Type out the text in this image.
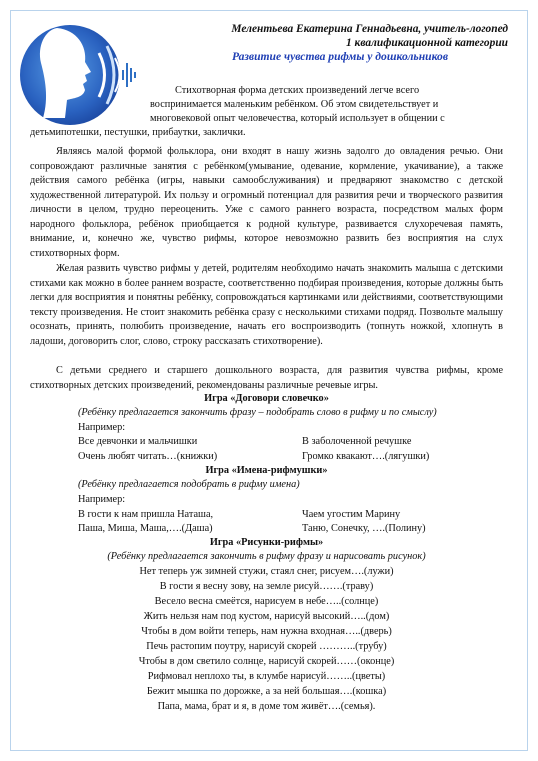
Мелентьева Екатерина Геннадьевна, учитель-логопед
1 квалификационной категории
Развитие чувства рифмы у дошкольников
Стихотворная форма детских произведений легче всего
воспринимается маленьким ребёнком. Об этом свидетельствует и
многовековой опыт человечества, который использует в общении с
детьмипотешки, пестушки, прибаутки, заклички.
Являясь малой формой фольклора, они входят в нашу жизнь задолго до овладения речью. Они сопровождают различные занятия с ребёнком(умывание, одевание, кормление, укачивание), а также действия самого ребёнка (игры, навыки самообслуживания) и предваряют знакомство с детской художественной литературой. Их пользу и огромный потенциал для развития речи и творческого развития личности в целом, трудно переоценить. Уже с самого раннего возраста, посредством малых форм народного фольклора, ребёнок приобщается к родной культуре, развивается слухоречевая память, внимание, и, конечно же, чувство рифмы, которое невозможно развить без восприятия на слух стихотворных форм.
Желая развить чувство рифмы у детей, родителям необходимо начать знакомить малыша с детскими стихами как можно в более раннем возрасте, соответственно подбирая произведения, которые должны быть легки для восприятия и понятны ребёнку, сопровождаться картинками или действиями, соответствующими тексту произведения. Не стоит знакомить ребёнка сразу с несколькими стихами подряд. Позвольте малышу осознать, принять, полюбить произведение, начать его воспроизводить (топнуть ножкой, хлопнуть в ладоши, договорить слог, слово, строку рассказать стихотворение).
С детьми среднего и старшего дошкольного возраста, для развития чувства рифмы, кроме стихотворных детских произведений, рекомендованы различные речевые игры.
Игра «Договори словечко»
(Ребёнку предлагается закончить фразу – подобрать слово в рифму и по смыслу)
Например:
Все девчонки и мальчишки
Очень любят читать…(книжки)
В заболоченной речушке
Громко квакают….(лягушки)
Игра «Имена-рифмушки»
(Ребёнку предлагается подобрать в рифму имена)
Например:
В гости к нам пришла Наташа,
Паша, Миша, Маша,….(Даша)
Чаем угостим Марину
Таню, Сонечку, ….(Полину)
Игра «Рисунки-рифмы»
(Ребёнку предлагается закончить в рифму фразу и нарисовать рисунок)
Нет теперь уж зимней стужи, стаял снег, рисуем….(лужи)
В гости я весну зову, на земле рисуй…….(траву)
Весело весна смеётся, нарисуем в небе…..(солнце)
Жить нельзя нам под кустом, нарисуй высокий…..(дом)
Чтобы в дом войти теперь, нам нужна входная…..(дверь)
Печь растопим поутру, нарисуй скорей ………..(трубу)
Чтобы в дом светило солнце, нарисуй скорей……(оконце)
Рифмовал неплохо ты, в клумбе нарисуй……..(цветы)
Бежит мышка по дорожке, а за ней большая….(кошка)
Папа, мама, брат и я, в доме том живёт….(семья).
